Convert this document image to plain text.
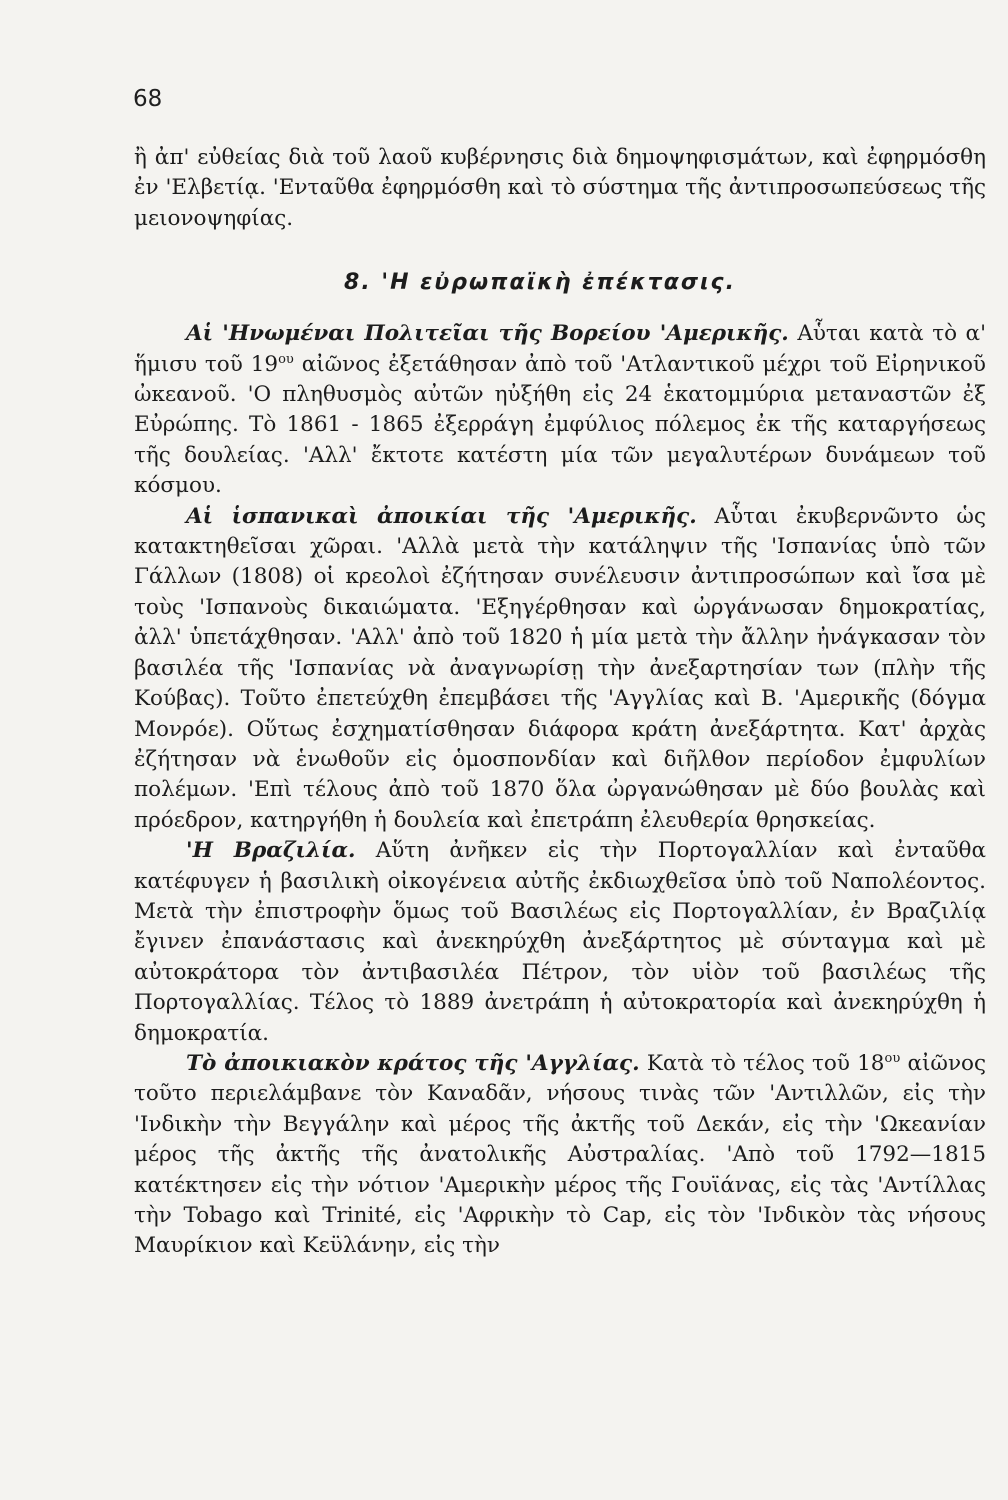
68

ἢ ἀπ' εὐθείας διὰ τοῦ λαοῦ κυβέρνησις διὰ δημοψηφισμάτων, καὶ ἐφηρμόσθη ἐν 'Ελβετίᾳ. 'Ενταῦθα ἐφηρμόσθη καὶ τὸ σύστημα τῆς ἀντιπροσωπεύσεως τῆς μειονοψηφίας.

8. 'Η εὐρωπαϊκὴ ἐπέκτασις.

Αἱ 'Ηνωμέναι Πολιτεῖαι τῆς Βορείου 'Αμερικῆς. Αὗται κατὰ τὸ α' ἥμισυ τοῦ $19^{o\upsilon}$ αἰῶνος ἐξετάθησαν ἀπὸ τοῦ 'Ατλαντικοῦ μέχρι τοῦ Εἰρηνικοῦ ὠκεανοῦ. 'Ο πληθυσμὸς αὐτῶν ηὐξήθη εἰς 24 ἑκατομμύρια μεταναστῶν ἐξ Εὐρώπης. Τὸ 1861 - 1865 ἐξερράγη ἐμφύλιος πόλεμος ἐκ τῆς καταργήσεως τῆς δουλείας. 'Αλλ' ἔκτοτε κατέστη μία τῶν μεγαλυτέρων δυνάμεων τοῦ κόσμου.

Αἱ ἱσπανικαὶ ἀποικίαι τῆς 'Αμερικῆς. Αὗται ἐκυβερνῶντο ὡς κατακτηθεῖσαι χῶραι. 'Αλλὰ μετὰ τὴν κατάληψιν τῆς 'Ισπανίας ὑπὸ τῶν Γάλλων (1808) οἱ κρεολοὶ ἐζήτησαν συνέλευσιν ἀντιπροσώπων καὶ ἴσα μὲ τοὺς 'Ισπανοὺς δικαιώματα. 'Εξηγέρθησαν καὶ ὠργάνωσαν δημοκρατίας, ἀλλ' ὑπετάχθησαν. 'Αλλ' ἀπὸ τοῦ 1820 ἡ μία μετὰ τὴν ἄλλην ἠνάγκασαν τὸν βασιλέα τῆς 'Ισπανίας νὰ ἀναγνωρίσῃ τὴν ἀνεξαρτησίαν των (πλὴν τῆς Κούβας). Τοῦτο ἐπετεύχθη ἐπεμβάσει τῆς 'Αγγλίας καὶ Β. 'Αμερικῆς (δόγμα Μονρόε). Οὕτως ἐσχηματίσθησαν διάφορα κράτη ἀνεξάρτητα. Κατ' ἀρχὰς ἐζήτησαν νὰ ἑνωθοῦν εἰς ὁμοσπονδίαν καὶ διῆλθον περίοδον ἐμφυλίων πολέμων. 'Επὶ τέλους ἀπὸ τοῦ 1870 ὅλα ὠργανώθησαν μὲ δύο βουλὰς καὶ πρόεδρον, κατηργήθη ἡ δουλεία καὶ ἐπετράπη ἐλευθερία θρησκείας.

'Η Βραζιλία. Αὕτη ἀνῆκεν εἰς τὴν Πορτογαλλίαν καὶ ἐνταῦθα κατέφυγεν ἡ βασιλικὴ οἰκογένεια αὐτῆς ἐκδιωχθεῖσα ὑπὸ τοῦ Ναπολέοντος. Μετὰ τὴν ἐπιστροφὴν ὅμως τοῦ Βασιλέως εἰς Πορτογαλλίαν, ἐν Βραζιλίᾳ ἔγινεν ἐπανάστασις καὶ ἀνεκηρύχθη ἀνεξάρτητος μὲ σύνταγμα καὶ μὲ αὐτοκράτορα τὸν ἀντιβασιλέα Πέτρον, τὸν υἱὸν τοῦ βασιλέως τῆς Πορτογαλλίας. Τέλος τὸ 1889 ἀνετράπη ἡ αὐτοκρατορία καὶ ἀνεκηρύχθη ἡ δημοκρατία.

Τὸ ἀποικιακὸν κράτος τῆς 'Αγγλίας. Κατὰ τὸ τέλος τοῦ $18^{o\upsilon}$ αἰῶνος τοῦτο περιελάμβανε τὸν Καναδᾶν, νήσους τινὰς τῶν 'Αντιλλῶν, εἰς τὴν 'Ινδικὴν τὴν Βεγγάλην καὶ μέρος τῆς ἀκτῆς τοῦ Δεκάν, εἰς τὴν 'Ωκεανίαν μέρος τῆς ἀκτῆς τῆς ἀνατολικῆς Αὐστραλίας. 'Απὸ τοῦ 1792—1815 κατέκτησεν εἰς τὴν νότιον 'Αμερικὴν μέρος τῆς Γουϊάνας, εἰς τὰς 'Αντίλλας τὴν Tobago καὶ Trinité, εἰς 'Αφρικὴν τὸ Cap, εἰς τὸν 'Ινδικὸν τὰς νήσους Μαυρίκιον καὶ Κεϋλάνην, εἰς τὴν
